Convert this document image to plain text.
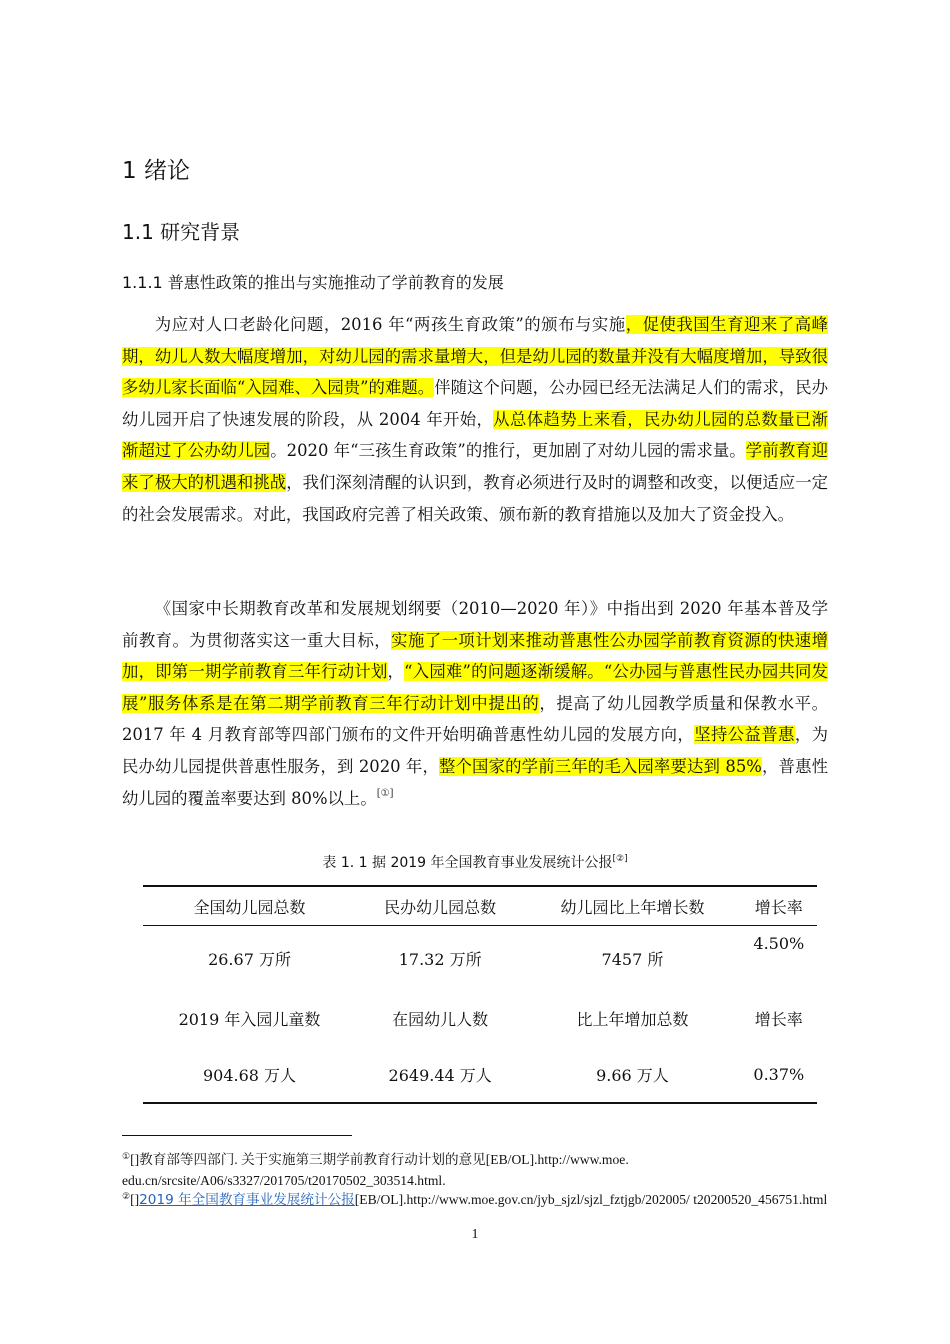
1 绪论
1.1 研究背景
1.1.1 普惠性政策的推出与实施推动了学前教育的发展

为应对人口老龄化问题，2016 年“两孩生育政策”的颁布与实施，促使我国生育迎来了高峰期，幼儿人数大幅度增加，对幼儿园的需求量增大，但是幼儿园的数量并没有大幅度增加，导致很多幼儿家长面临“入园难、入园贵”的难题。伴随这个问题，公办园已经无法满足人们的需求，民办幼儿园开启了快速发展的阶段，从 2004 年开始，从总体趋势上来看，民办幼儿园的总数量已渐渐超过了公办幼儿园。2020 年“三孩生育政策”的推行，更加剧了对幼儿园的需求量。学前教育迎来了极大的机遇和挑战，我们深刻清醒的认识到，教育必须进行及时的调整和改变，以便适应一定的社会发展需求。对此，我国政府完善了相关政策、颁布新的教育措施以及加大了资金投入。

《国家中长期教育改革和发展规划纲要（2010—2020 年）》中指出到 2020 年基本普及学前教育。为贯彻落实这一重大目标，实施了一项计划来推动普惠性公办园学前教育资源的快速增加，即第一期学前教育三年行动计划，“入园难”的问题逐渐缓解。“公办园与普惠性民办园共同发展”服务体系是在第二期学前教育三年行动计划中提出的，提高了幼儿园教学质量和保教水平。2017 年 4 月教育部等四部门颁布的文件开始明确普惠性幼儿园的发展方向，坚持公益普惠，为民办幼儿园提供普惠性服务，到 2020 年，整个国家的学前三年的毛入园率要达到 85%，普惠性幼儿园的覆盖率要达到 80%以上。[①]

表 1. 1 据 2019 年全国教育事业发展统计公报[②]
全国幼儿园总数	民办幼儿园总数	幼儿园比上年增长数	增长率
26.67 万所	17.32 万所	7457 所	4.50%
2019 年入园儿童数	在园幼儿人数	比上年增加总数	增长率
904.68 万人	2649.44 万人	9.66 万人	0.37%
①[]教育部等四部门. 关于实施第三期学前教育行动计划的意见[EB/OL].http://www.moe. edu.cn/srcsite/A06/s3327/201705/t20170502_303514.html.
②[]2019 年全国教育事业发展统计公报[EB/OL].http://www.moe.gov.cn/jyb_sjzl/sjzl_fztjgb/202005/ t20200520_456751.html
1
